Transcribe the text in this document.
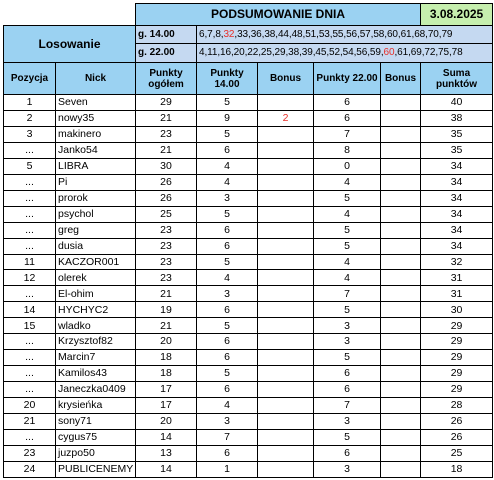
		PODSUMOWANIE DNIA					3.08.2025
Losowanie		g. 14.00	6,7,8,32,33,36,38,44,48,51,53,55,56,57,58,60,61,68,70,79				
		g. 22.00	4,11,16,20,22,25,29,38,39,45,52,54,56,59,60,61,69,72,75,78				
Pozycja	Nick	Punkty ogółem	Punkty 14.00	Bonus	Punkty 22.00	Bonus	Suma punktów
1	Seven	29	5		6		40
2	nowy35	21	9	2	6		38
3	makinero	23	5		7		35
...	Janko54	21	6		8		35
5	LIBRA	30	4		0		34
...	Pi	26	4		4		34
...	prorok	26	3		5		34
...	psychol	25	5		4		34
...	greg	23	6		5		34
...	dusia	23	6		5		34
11	KACZOR001	23	5		4		32
12	olerek	23	4		4		31
...	El-ohim	21	3		7		31
14	HYCHYC2	19	6		5		30
15	wladko	21	5		3		29
...	Krzysztof82	20	6		3		29
...	Marcin7	18	6		5		29
...	Kamilos43	18	5		6		29
...	Janeczka0409	17	6		6		29
20	krysieńka	17	4		7		28
21	sony71	20	3		3		26
...	cygus75	14	7		5		26
23	juzpo50	13	6		6		25
24	PUBLICENEMY	14	1		3		18
